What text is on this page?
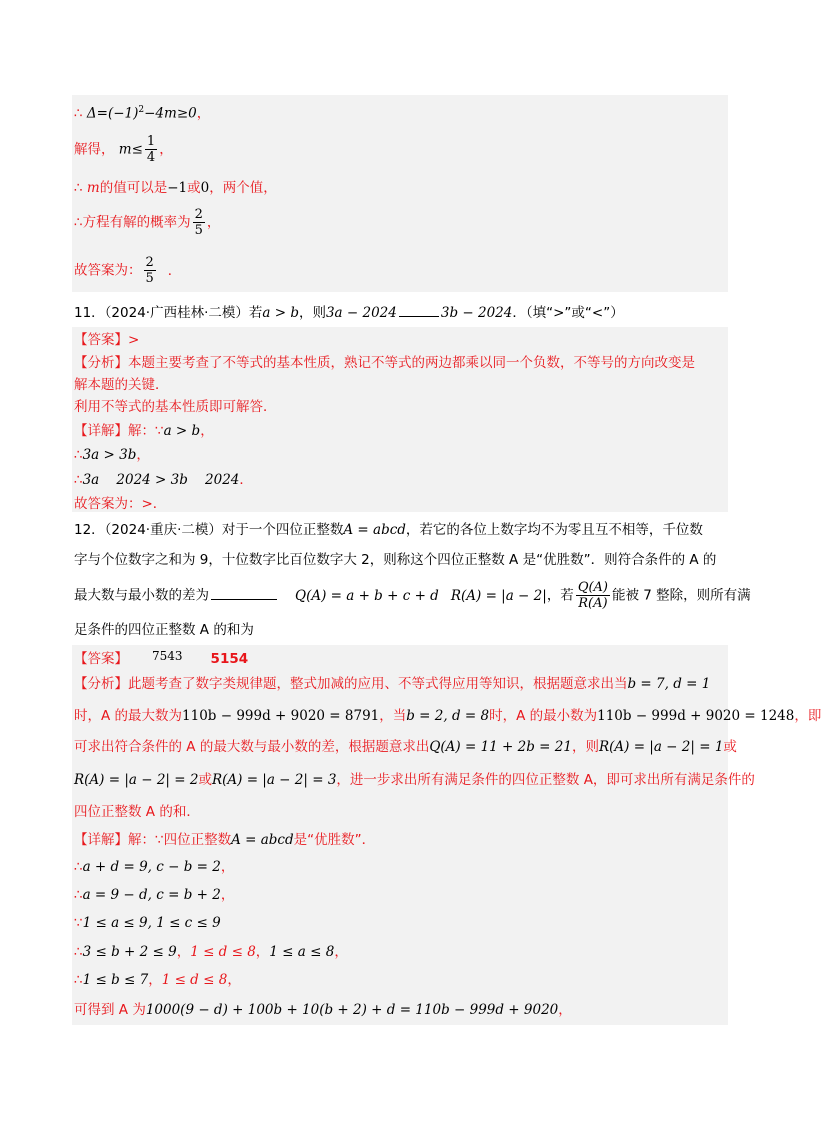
∴ $\Delta=(-1)^2-4m\ge 0$，
解得， $m\le \frac{1}{4}$ ，
∴ m的值可以是−1或0，两个值，
∴方程有解的概率为 $\frac{2}{5}$ ，
故答案为： $\frac{2}{5}$ ．
11．（2024·广西桂林·二模）若a > b，则3a − 2024	3b − 2024．（填“>”或“<”）
【答案】>
【分析】本题主要考查了不等式的基本性质，熟记不等式的两边都乘以同一个负数，不等号的方向改变是
解本题的关键．
利用不等式的基本性质即可解答．
【详解】解：∵a > b，
∴3a > 3b，
∴3a    2024 > 3b    2024．
故答案为：>．
12．（2024·重庆·二模）对于一个四位正整数A = abcd，若它的各位上数字均不为零且互不相等，千位数
字与个位数字之和为 9，十位数字比百位数字大 2，则称这个四位正整数 A 是“优胜数”．则符合条件的 A 的
最大数与最小数的差为	Q(A) = a + b + c + d R(A) = |a − 2|，若 $\frac{Q(A)}{R(A)}$ 能被 7 整除，则所有满
足条件的四位正整数 A 的和为
【答案】 7543 5154
【分析】此题考查了数字类规律题，整式加减的应用、不等式得应用等知识，根据题意求出当b = 7, d = 1
时，A 的最大数为110b − 999d + 9020 = 8791，当b = 2, d = 8时，A 的最小数为110b − 999d + 9020 = 1248，即
可求出符合条件的 A 的最大数与最小数的差，根据题意求出Q(A) = 11 + 2b = 21，则R(A) = |a − 2| = 1或
R(A) = |a − 2| = 2或R(A) = |a − 2| = 3，进一步求出所有满足条件的四位正整数 A，即可求出所有满足条件的
四位正整数 A 的和．
【详解】解：∵四位正整数A = abcd是“优胜数”．
∴a + d = 9, c − b = 2，
∴a = 9 − d, c = b + 2，
∵1 ≤ a ≤ 9, 1 ≤ c ≤ 9
∴3 ≤ b + 2 ≤ 9，1 ≤ d ≤ 8，1 ≤ a ≤ 8，
∴1 ≤ b ≤ 7，1 ≤ d ≤ 8，
可得到 A 为1000(9 − d) + 100b + 10(b + 2) + d = 110b − 999d + 9020，
